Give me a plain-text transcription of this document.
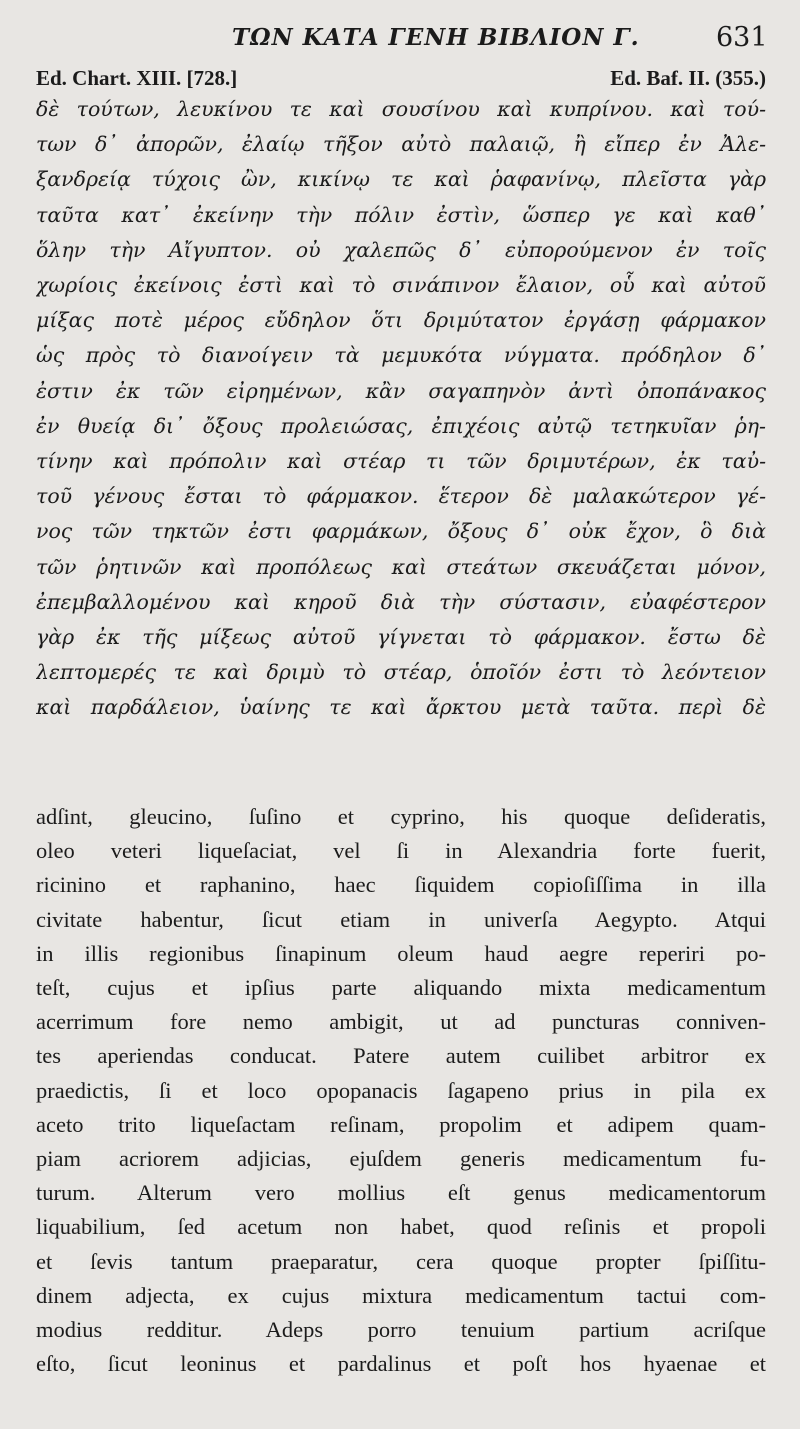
ΤΩΝ ΚΑΤΑ ΓΕΝΗ ΒΙΒΛΙΟΝ Γ.	631
Ed. Chart. XIII. [728.]	Ed. Baf. II. (355.)
δὲ τούτων, λευκίνου τε καὶ σουσίνου καὶ κυπρίνου. καὶ τού-
των δ᾽ ἀπορῶν, ἐλαίῳ τῆξον αὐτὸ παλαιῷ, ἢ εἴπερ ἐν Ἀλε-
ξανδρείᾳ τύχοις ὢν, κικίνῳ τε καὶ ῥαφανίνῳ, πλεῖστα γὰρ
ταῦτα κατ᾽ ἐκείνην τὴν πόλιν ἐστὶν, ὥσπερ γε καὶ καθ᾽
ὅλην τὴν Αἴγυπτον. οὐ χαλεπῶς δ᾽ εὐπορούμενον ἐν τοῖς
χωρίοις ἐκείνοις ἐστὶ καὶ τὸ σινάπινον ἔλαιον, οὗ καὶ αὐτοῦ
μίξας ποτὲ μέρος εὔδηλον ὅτι δριμύτατον ἐργάσῃ φάρμακον
ὡς πρὸς τὸ διανοίγειν τὰ μεμυκότα νύγματα. πρόδηλον δ᾽
ἐστιν ἐκ τῶν εἰρημένων, κἂν σαγαπηνὸν ἀντὶ ὀποπάνακος
ἐν θυείᾳ δι᾽ ὄξους προλειώσας, ἐπιχέοις αὐτῷ τετηκυῖαν ῥη-
τίνην καὶ πρόπολιν καὶ στέαρ τι τῶν δριμυτέρων, ἐκ ταὐ-
τοῦ γένους ἔσται τὸ φάρμακον. ἕτερον δὲ μαλακώτερον γέ-
νος τῶν τηκτῶν ἐστι φαρμάκων, ὄξους δ᾽ οὐκ ἔχον, ὃ διὰ
τῶν ῥητινῶν καὶ προπόλεως καὶ στεάτων σκευάζεται μόνον,
ἐπεμβαλλομένου καὶ κηροῦ διὰ τὴν σύστασιν, εὐαφέστερον
γὰρ ἐκ τῆς μίξεως αὐτοῦ γίγνεται τὸ φάρμακον. ἔστω δὲ
λεπτομερές τε καὶ δριμὺ τὸ στέαρ, ὁποῖόν ἐστι τὸ λεόντειον
καὶ παρδάλειον, ὑαίνης τε καὶ ἄρκτου μετὰ ταῦτα. περὶ δὲ
adſint, gleucino, ſuſino et cyprino, his quoque deſideratis,
oleo veteri liqueſaciat, vel ſi in Alexandria forte fuerit,
ricinino et raphanino, haec ſiquidem copioſiſſima in illa
civitate habentur, ſicut etiam in univerſa Aegypto. Atqui
in illis regionibus ſinapinum oleum haud aegre reperiri po-
teſt, cujus et ipſius parte aliquando mixta medicamentum
acerrimum fore nemo ambigit, ut ad puncturas conniven-
tes aperiendas conducat. Patere autem cuilibet arbitror ex
praedictis, ſi et loco opopanacis ſagapeno prius in pila ex
aceto trito liqueſactam reſinam, propolim et adipem quam-
piam acriorem adjicias, ejuſdem generis medicamentum fu-
turum. Alterum vero mollius eſt genus medicamentorum
liquabilium, ſed acetum non habet, quod reſinis et propoli
et ſevis tantum praeparatur, cera quoque propter ſpiſſitu-
dinem adjecta, ex cujus mixtura medicamentum tactui com-
modius redditur. Adeps porro tenuium partium acriſque
eſto, ſicut leoninus et pardalinus et poſt hos hyaenae et
